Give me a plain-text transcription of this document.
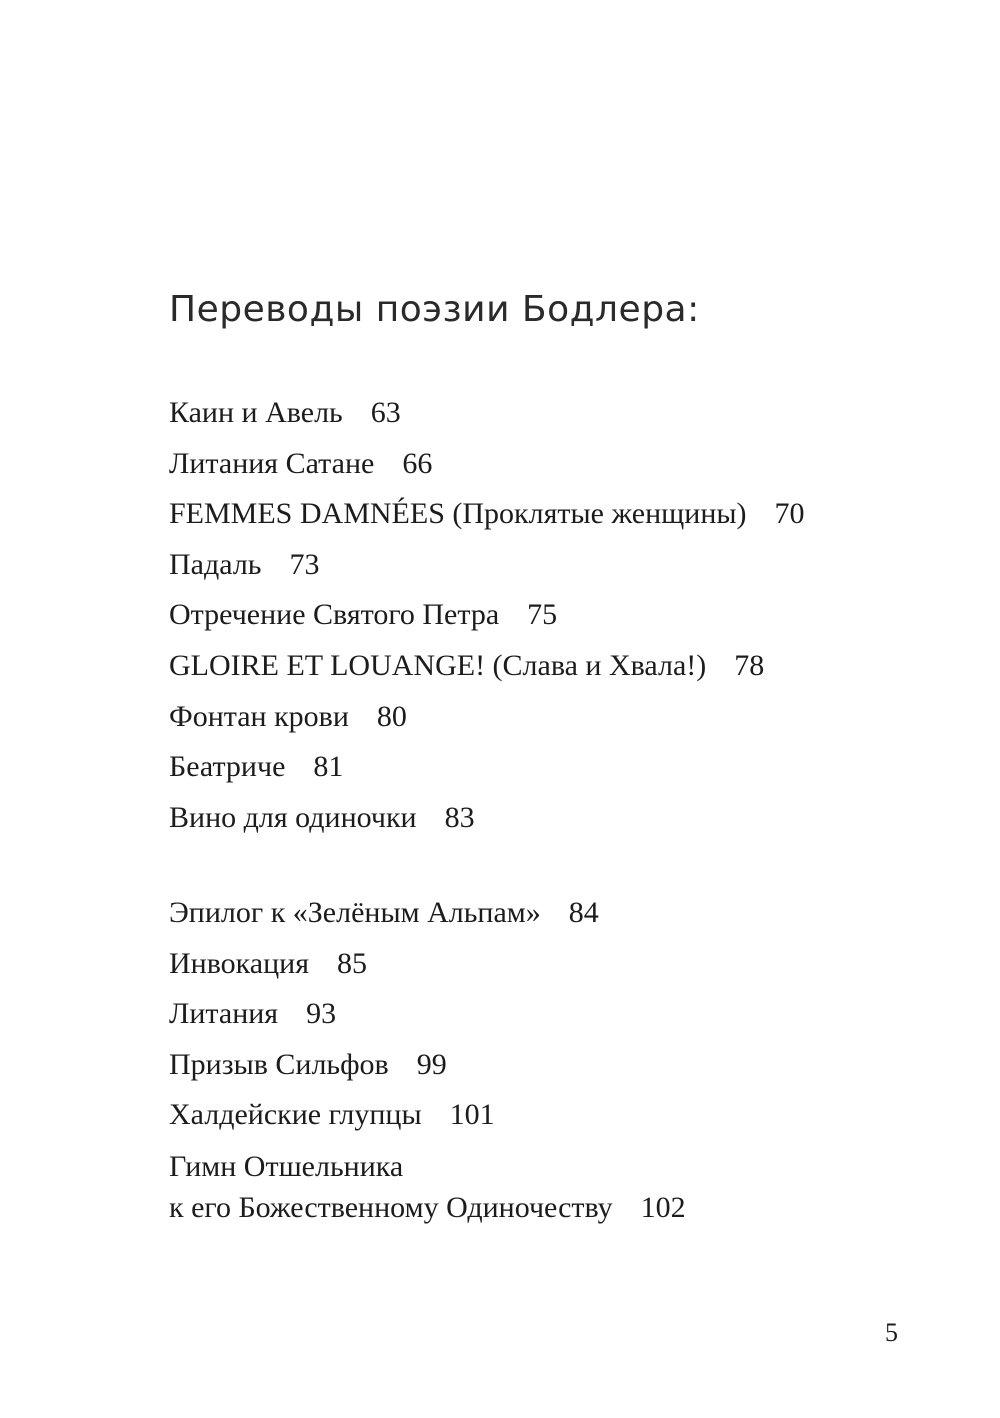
Переводы поэзии Бодлера:
Каин и Авель 63
Литания Сатане 66
FEMMES DAMNÉES (Проклятые женщины) 70
Падаль 73
Отречение Святого Петра 75
GLOIRE ET LOUANGE! (Слава и Хвала!) 78
Фонтан крови 80
Беатриче 81
Вино для одиночки 83
Эпилог к «Зелёным Альпам» 84
Инвокация 85
Литания 93
Призыв Сильфов 99
Халдейские глупцы 101
Гимн Отшельника
к его Божественному Одиночеству 102
5
